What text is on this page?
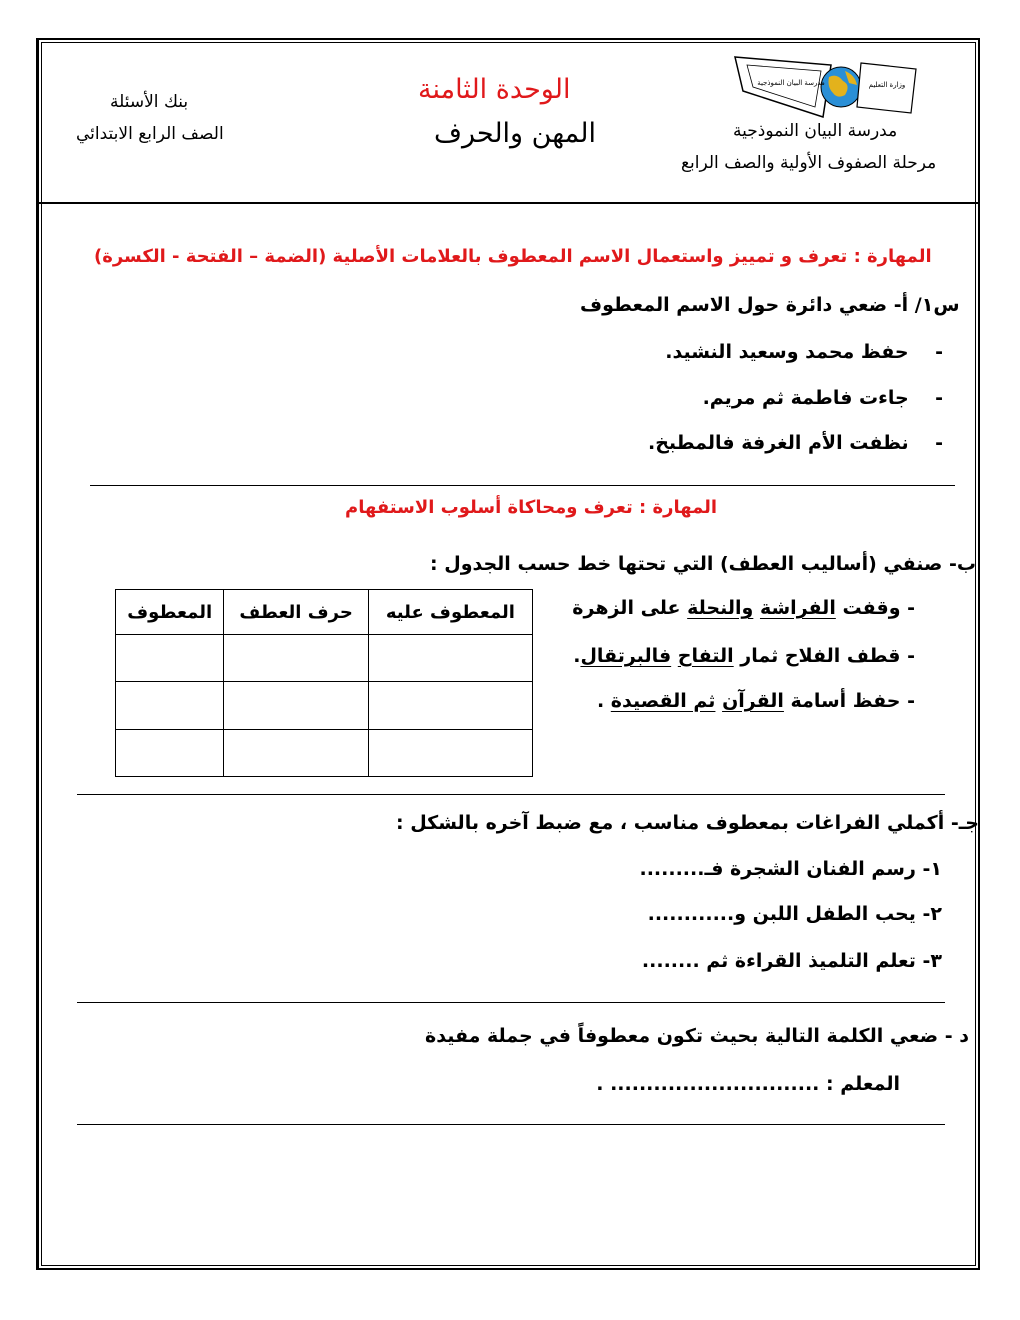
بنك الأسئلة
الصف الرابع الابتدائي
الوحدة الثامنة
المهن والحرف
مدرسة البيان النموذجية	وزارة التعليم
مدرسة البيان النموذجية
مرحلة الصفوف الأولية والصف الرابع
المهارة : تعرف و تمييز واستعمال الاسم المعطوف بالعلامات الأصلية (الضمة – الفتحة - الكسرة)
س١/ أ- ضعي دائرة حول الاسم المعطوف
-    حفظ محمد وسعيد النشيد.
-    جاءت فاطمة ثم مريم.
-    نظفت الأم الغرفة فالمطبخ.
المهارة : تعرف ومحاكاة أسلوب الاستفهام
ب- صنفي (أساليب العطف) التي تحتها خط حسب الجدول :
- وقفت الفراشة والنحلة على الزهرة
- قطف الفلاح ثمار التفاح فالبرتقال.
- حفظ أسامة القرآن ثم القصيدة .
المعطوف عليه	حرف العطف	المعطوف

جـ- أكملي الفراغات بمعطوف مناسب ، مع ضبط آخره بالشكل :
١- رسم الفنان الشجرة فـ.........
٢- يحب الطفل اللبن و............
٣- تعلم التلميذ القراءة ثم ........
د - ضعي الكلمة التالية بحيث تكون معطوفاً في جملة مفيدة
المعلم : ............................. .
